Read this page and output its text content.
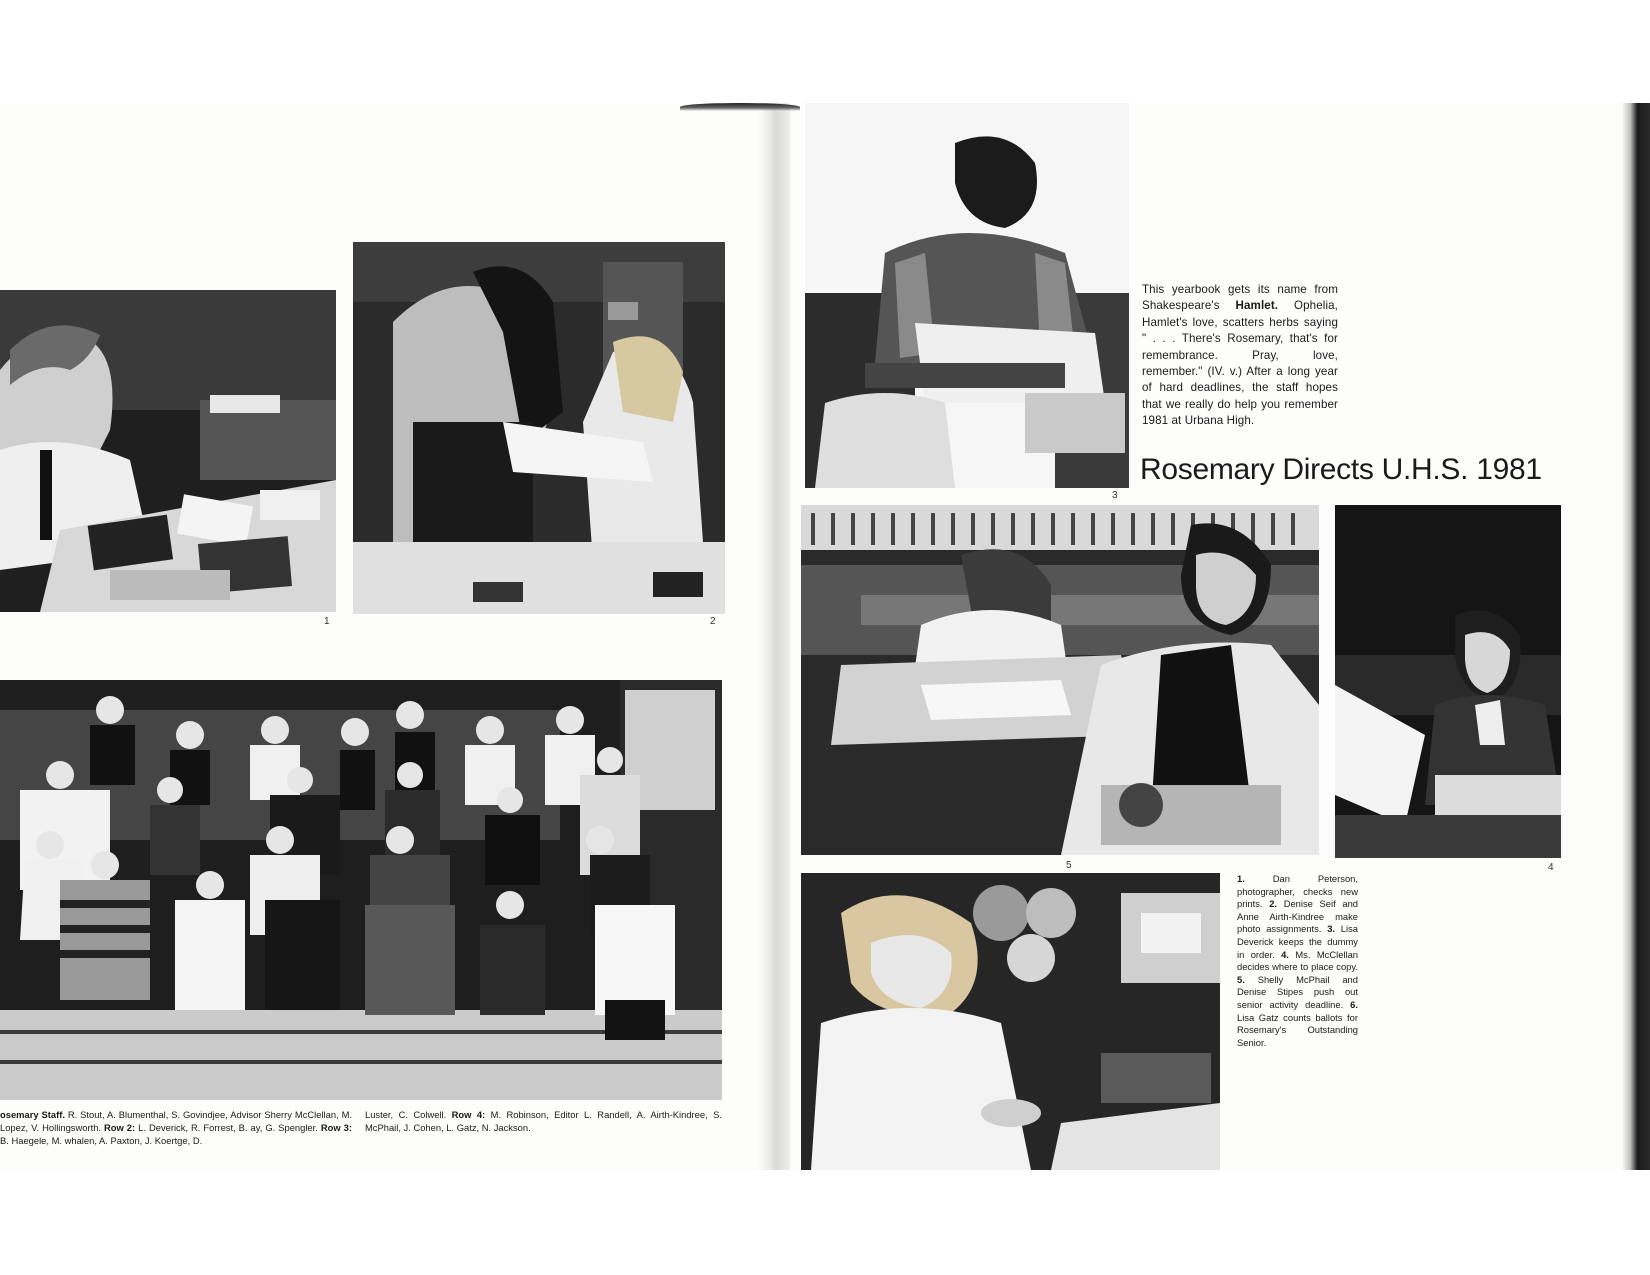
1	2
3
This yearbook gets its name from Shakespeare's Hamlet. Ophelia, Hamlet's love, scatters herbs saying " . . . There's Rosemary, that's for remembrance. Pray, love, remember." (IV. v.) After a long year of hard deadlines, the staff hopes that we really do help you remember 1981 at Urbana High.
Rosemary Directs U.H.S. 1981
5	4
1. Dan Peterson, photographer, checks new prints. 2. Denise Seif and Anne Airth-Kindree make photo assignments. 3. Lisa Deverick keeps the dummy in order. 4. Ms. McClellan decides where to place copy. 5. Shelly McPhail and Denise Stipes push out senior activity deadline. 6. Lisa Gatz counts ballots for Rosemary's Outstanding Senior.
osemary Staff. R. Stout, A. Blumenthal, S. Govindjee, Advisor Sherry McClellan, M. Lopez, V. Hollingsworth. Row 2: L. Deverick, R. Forrest, B. ay, G. Spengler. Row 3: B. Haegele, M. whalen, A. Paxton, J. Koertge, D.
Luster, C. Colwell. Row 4: M. Robinson, Editor L. Randell, A. Airth-Kindree, S. McPhail, J. Cohen, L. Gatz, N. Jackson.
